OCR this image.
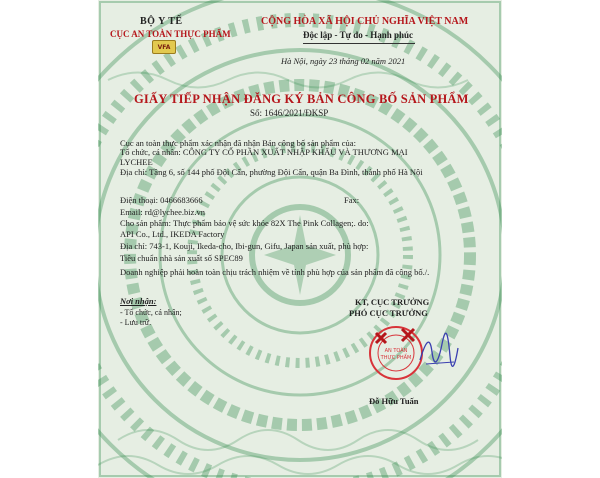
BỘ Y TẾ
CỤC AN TOÀN THỰC PHẨM
VFA
CỘNG HÒA XÃ HỘI CHỦ NGHĨA VIỆT NAM
Độc lập - Tự do - Hạnh phúc
Hà Nội, ngày 23 tháng 02 năm 2021
GIẤY TIẾP NHẬN ĐĂNG KÝ BẢN CÔNG BỐ SẢN PHẨM
Số: 1646/2021/ĐKSP
Cục an toàn thực phẩm xác nhận đã nhận Bản công bố sản phẩm của:
Tổ chức, cá nhân: CÔNG TY CỔ PHẦN XUẤT NHẬP KHẨU VÀ THƯƠNG MẠI
LYCHEE
Địa chỉ: Tầng 6, số 144 phố Đội Cấn, phường Đội Cấn, quận Ba Đình, thành phố Hà Nội
Điện thoại: 0466683666	Fax:
Email: rd@lychee.biz.vn
Cho sản phẩm: Thực phẩm bảo vệ sức khỏe 82X The Pink Collagen;. do:
API Co., Ltd., IKEDA Factory
Địa chỉ: 743-1, Kouji, Ikeda-cho, Ibi-gun, Gifu, Japan sản xuất, phù hợp:
Tiêu chuẩn nhà sản xuất số SPEC89
Doanh nghiệp phải hoàn toàn chịu trách nhiệm về tính phù hợp của sản phẩm đã công bố./.
Nơi nhận:
- Tổ chức, cá nhân;
- Lưu trữ.
KT, CỤC TRƯỞNG
PHÓ CỤC TRƯỞNG
AN TOÀN
THỰC PHẨM
Đỗ Hữu Tuấn
